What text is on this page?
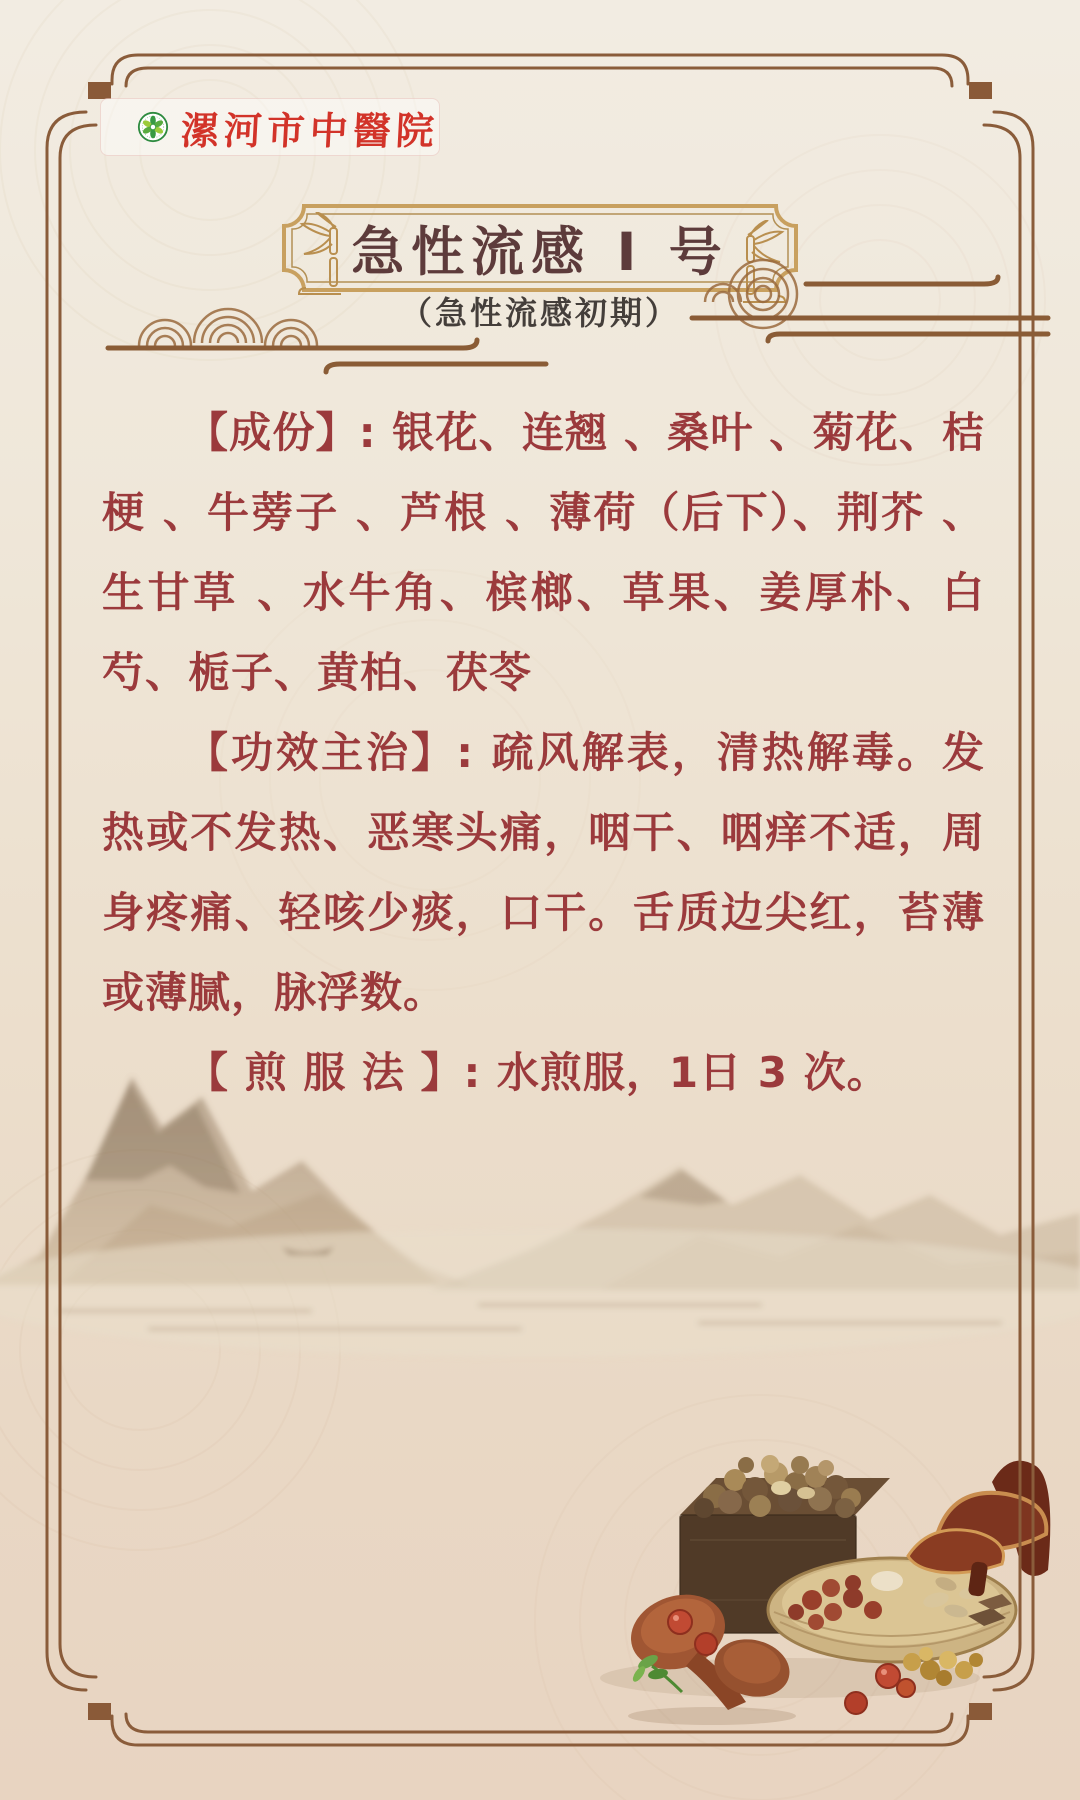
漯河市中醫院
急性流感 I 号
（急性流感初期）

【成份】: 银花、连翘 、桑叶 、菊花、桔梗 、牛蒡子 、芦根 、薄荷（后下）、荆芥 、生甘草 、水牛角、槟榔、草果、姜厚朴、白芍、栀子、黄柏、茯苓

【功效主治】: 疏风解表，清热解毒。发热或不发热、恶寒头痛，咽干、咽痒不适，周身疼痛、轻咳少痰，口干。舌质边尖红，苔薄或薄腻，脉浮数。

【 煎 服 法 】: 水煎服，1日 3 次。
